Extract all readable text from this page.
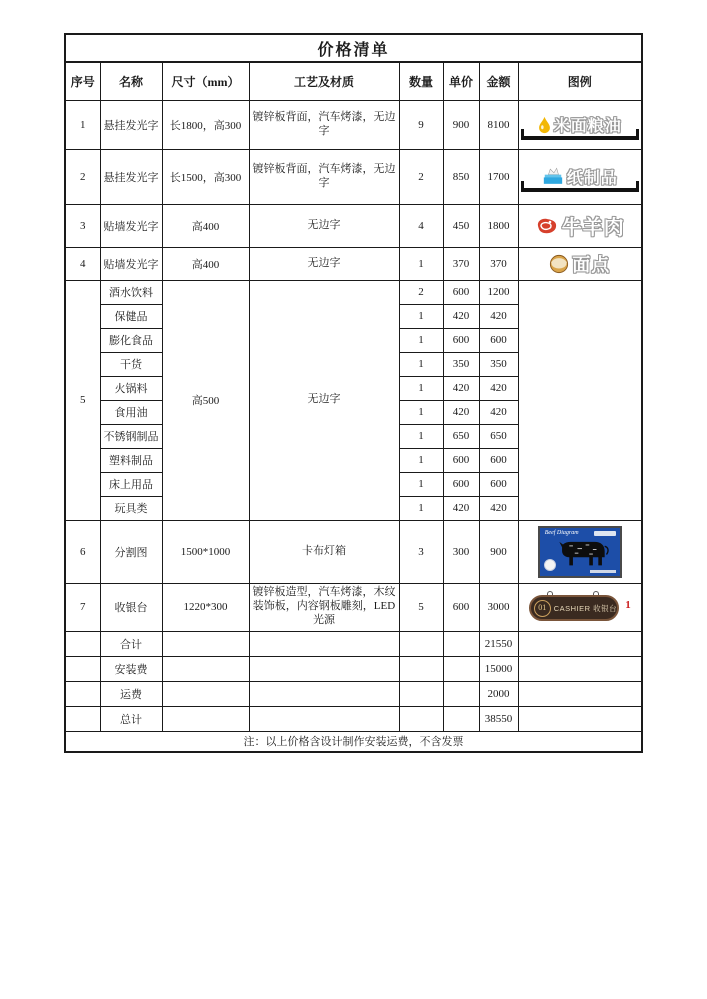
价格清单							
序号	名称	尺寸（mm）	工艺及材质	数量	单价	金额	图例
1	悬挂发光字	长1800，高300	镀锌板背面，汽车烤漆，无边字	9	900	8100	米面粮油

2	悬挂发光字	长1500，高300	镀锌板背面，汽车烤漆，无边字	2	850	1700	纸制品

3	贴墙发光字	高400	无边字	4	450	1800	牛羊肉

4	贴墙发光字	高400	无边字	1	370	370	面点

5	酒水饮料	高500	无边字	2	600	1200	
	保健品			1	420	420	
	膨化食品			1	600	600	
	干货			1	350	350	
	火锅料			1	420	420	
	食用油			1	420	420	
	不锈钢制品			1	650	650	
	塑料制品			1	600	600	
	床上用品			1	600	600	
	玩具类			1	420	420	
6	分割图	1500*1000	卡布灯箱	3	300	900	Beef Diagram

7	收银台	1220*300	镀锌板造型，汽车烤漆，木纹装饰板，内容钢板雕刻，LED光源	5	600	3000	01 CASHIER 收银台 1

	合计					21550	
	安装费					15000	
	运费					2000	
	总计					38550	
注：以上价格含设计制作安装运费，不含发票							
